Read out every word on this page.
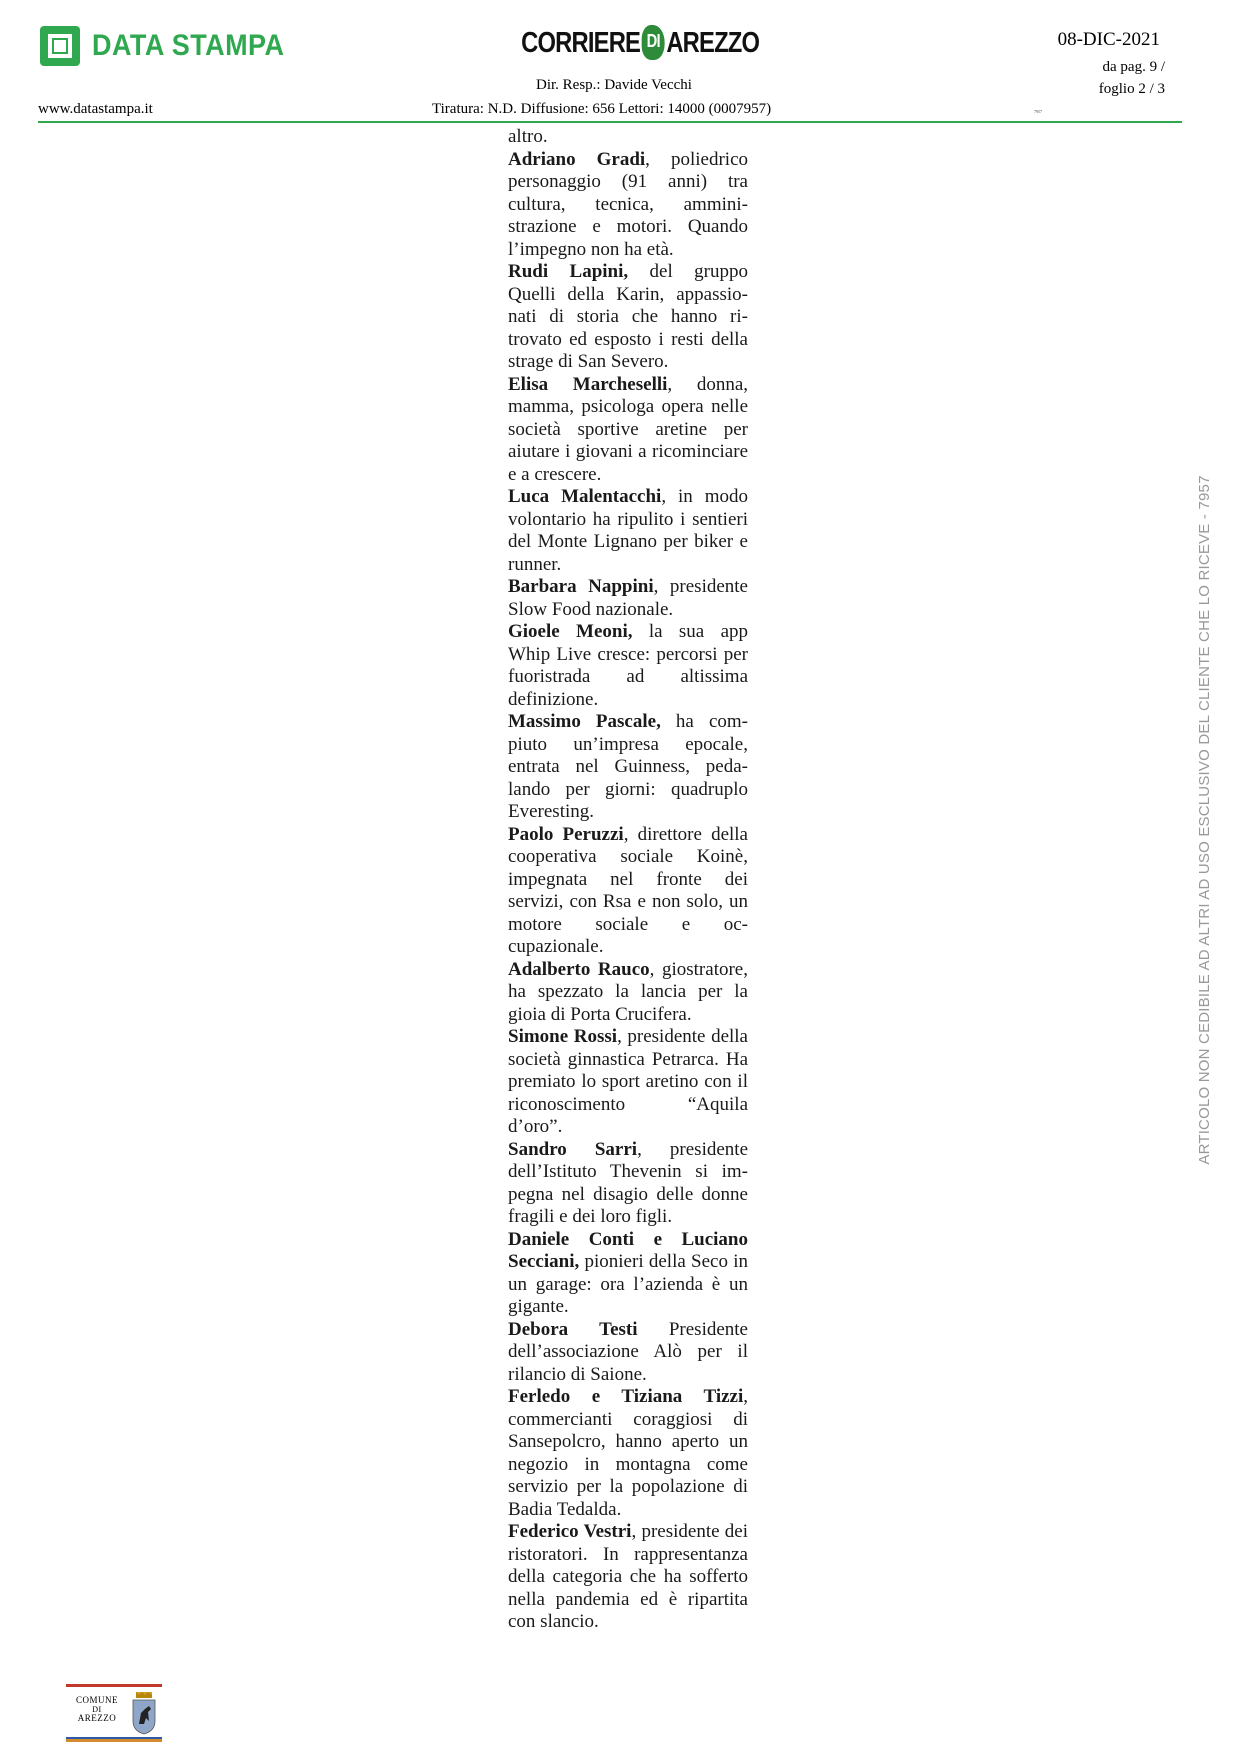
DATA STAMPA	CORRIERE DI AREZZO
Dir. Resp.: Davide Vecchi
08-DIC-2021
da pag. 9 /
foglio 2 / 3
www.datastampa.it	Tiratura: N.D. Diffusione: 656 Lettori: 14000 (0007957)	7957

altro.

Adriano Gradi, poliedrico personaggio (91 anni) tra cultura, tecnica, amministrazione e motori. Quando l’impegno non ha età.

Rudi Lapini, del gruppo Quelli della Karin, appassionati di storia che hanno ritrovato ed esposto i resti della strage di San Severo.

Elisa Marcheselli, donna, mamma, psicologa opera nelle società sportive aretine per aiutare i giovani a ricominciare e a crescere.

Luca Malentacchi, in modo volontario ha ripulito i sentieri del Monte Lignano per biker e runner.

Barbara Nappini, presidente Slow Food nazionale.

Gioele Meoni, la sua app Whip Live cresce: percorsi per fuoristrada ad altissima definizione.

Massimo Pascale, ha compiuto un’impresa epocale, entrata nel Guinness, pedalando per giorni: quadruplo Everesting.

Paolo Peruzzi, direttore della cooperativa sociale Koinè, impegnata nel fronte dei servizi, con Rsa e non solo, un motore sociale e occupazionale.

Adalberto Rauco, giostratore, ha spezzato la lancia per la gioia di Porta Crucifera.

Simone Rossi, presidente della società ginnastica Petrarca. Ha premiato lo sport aretino con il riconoscimento “Aquila d’oro”.

Sandro Sarri, presidente dell’Istituto Thevenin si impegna nel disagio delle donne fragili e dei loro figli.

Daniele Conti e Luciano Secciani, pionieri della Seco in un garage: ora l’azienda è un gigante.

Debora Testi Presidente dell’associazione Alò per il rilancio di Saione.

Ferledo e Tiziana Tizzi, commercianti coraggiosi di Sansepolcro, hanno aperto un negozio in montagna come servizio per la popolazione di Badia Tedalda.

Federico Vestri, presidente dei ristoratori. In rappresentanza della categoria che ha sofferto nella pandemia ed è ripartita con slancio.

ARTICOLO NON CEDIBILE AD ALTRI AD USO ESCLUSIVO DEL CLIENTE CHE LO RICEVE - 7957
COMUNE
DI
AREZZO
